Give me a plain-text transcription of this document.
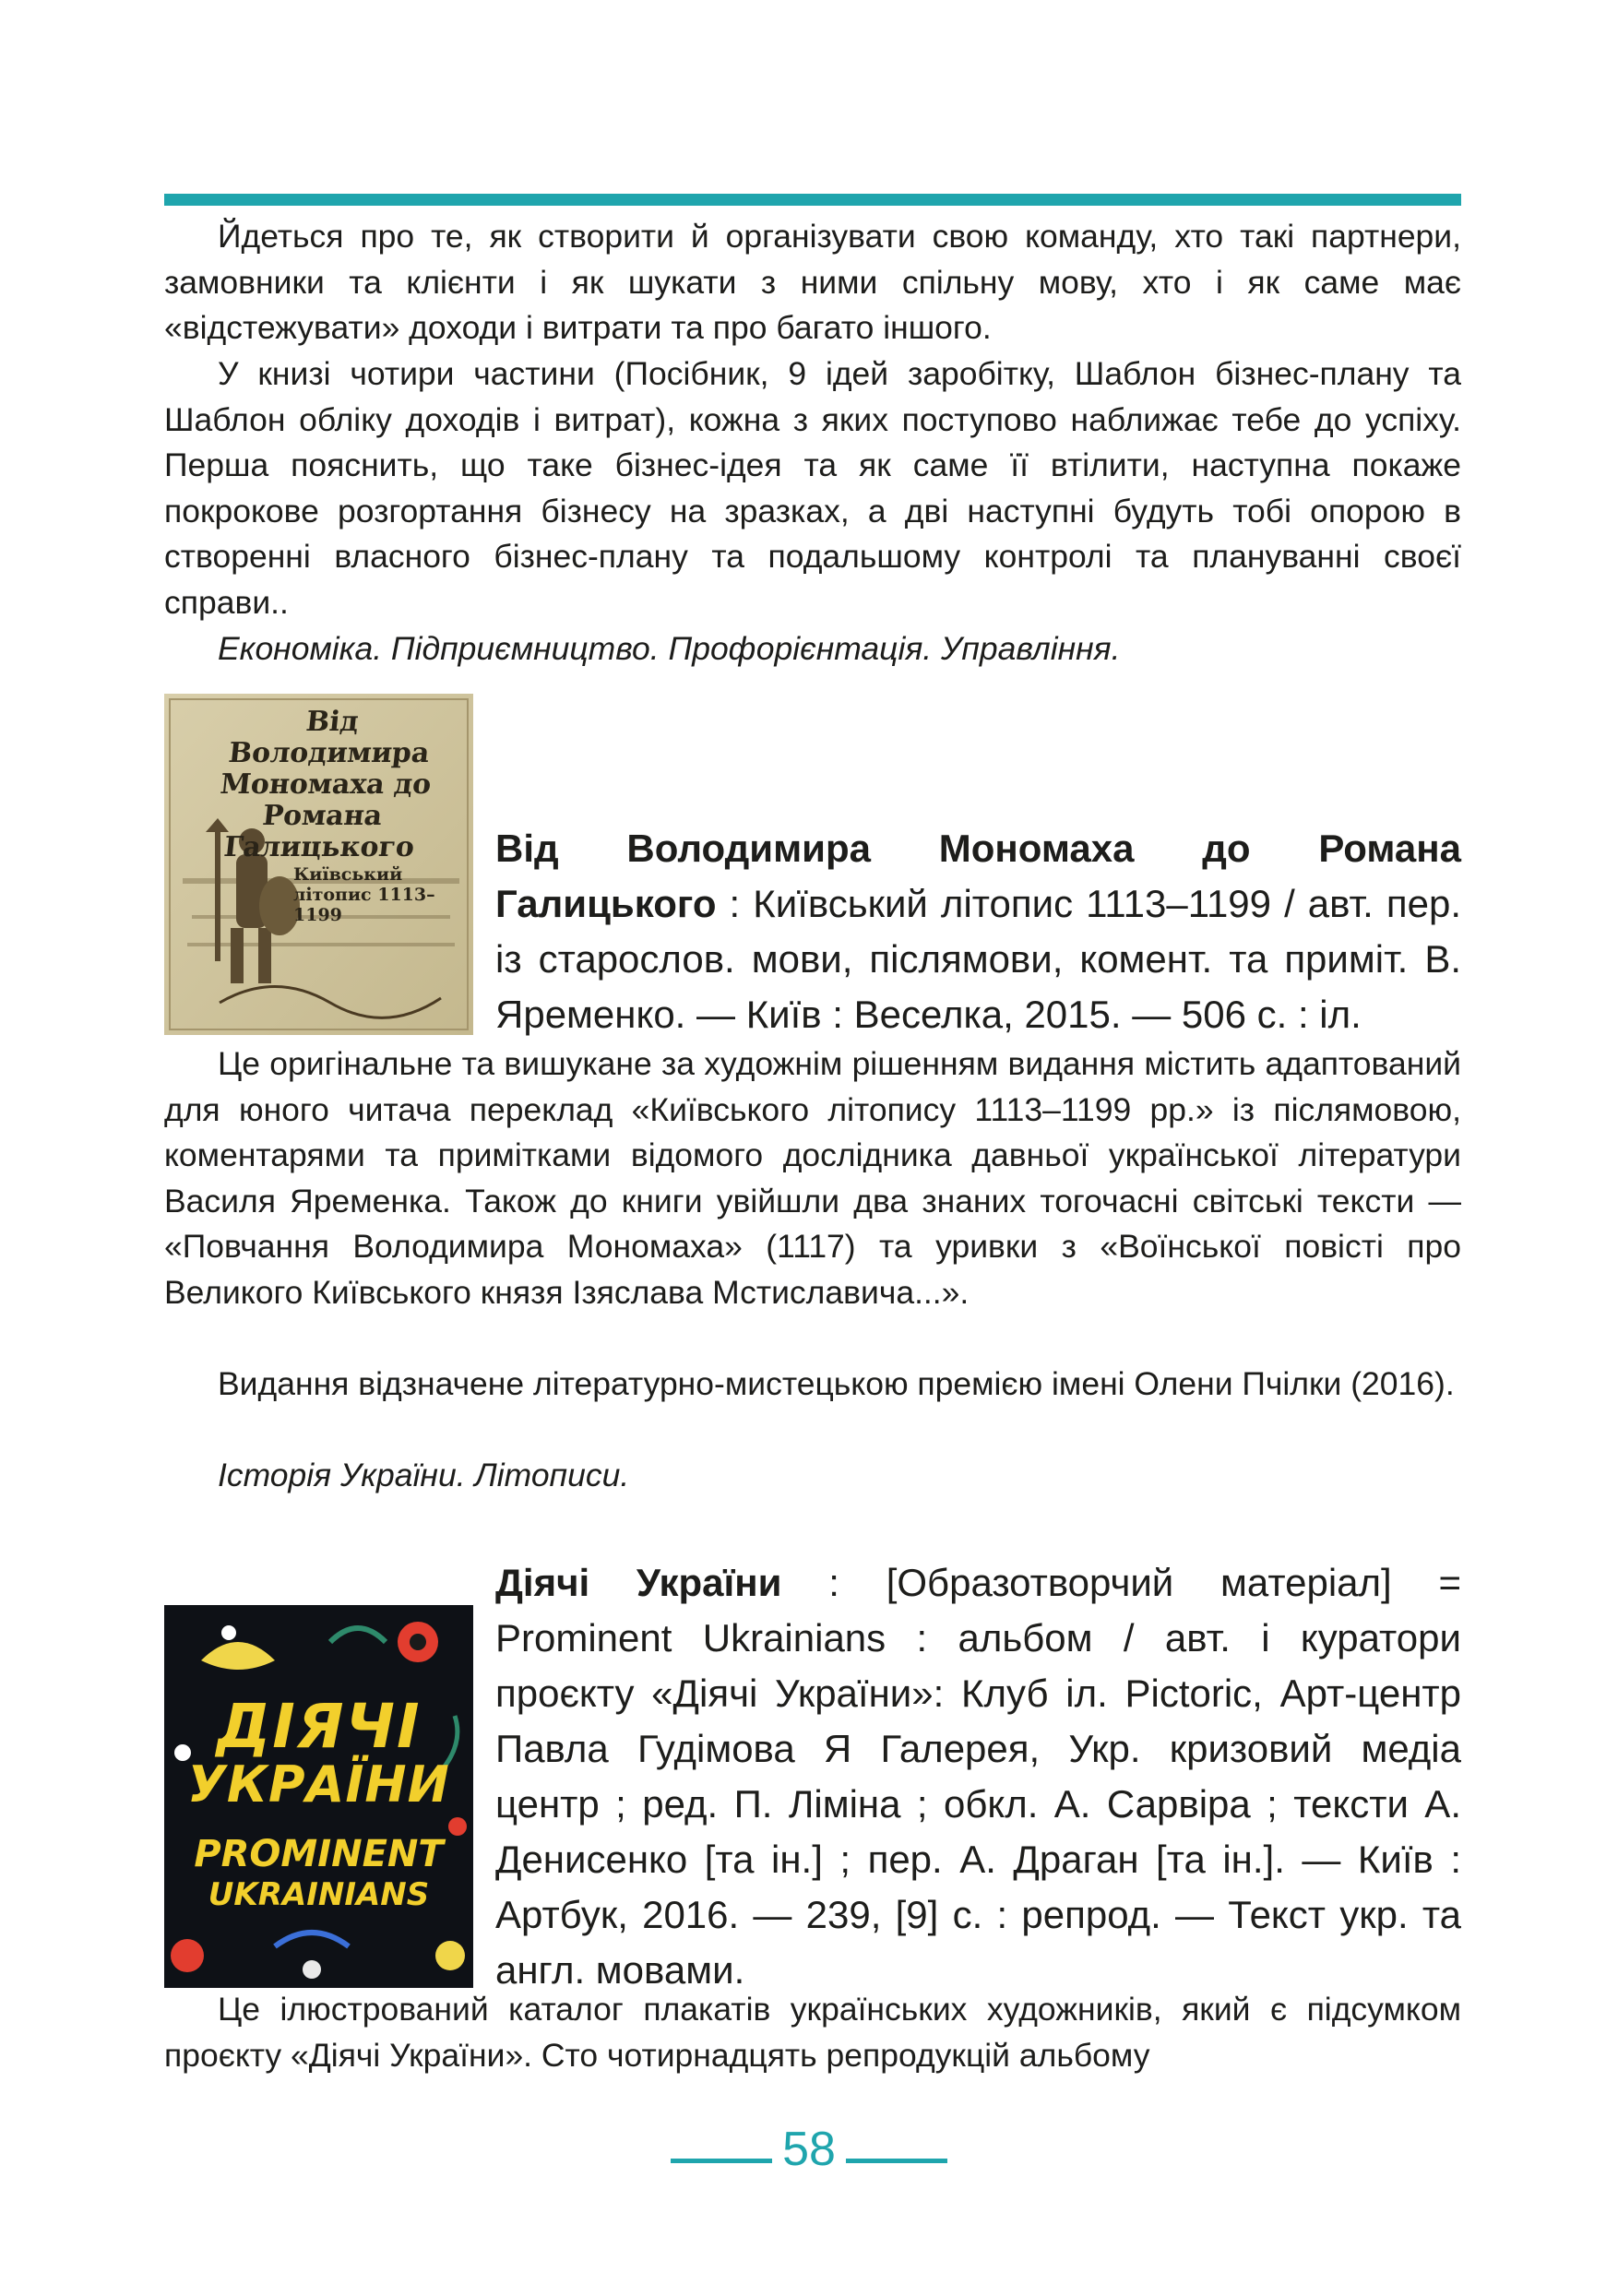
Йдеться про те, як створити й організувати свою команду, хто такі партнери, замовники та клієнти і як шукати з ними спільну мову, хто і як саме має «відстежувати» доходи і витрати та про багато іншого.

У книзі чотири частини (Посібник, 9 ідей заробітку, Шаблон бізнес-плану та Шаблон обліку доходів і витрат), кожна з яких поступово наближає тебе до успіху. Перша пояснить, що таке бізнес-ідея та як саме її втілити, наступна покаже покрокове розгортання бізнесу на зразках, а дві наступні будуть тобі опорою в створенні власного бізнес-плану та подальшому контролі та плануванні своєї справи..

Економіка. Підприємництво. Профорієнтація. Управління.

Від Володимира Мономаха до Романа Галицького
Київський літопис 1113–1199

Від Володимира Мономаха до Романа Галицького : Київський літопис 1113–1199 / авт. пер. із старослов. мови, післямови, комент. та приміт. В. Яременко. — Київ : Веселка, 2015. — 506 с. : іл.

Це оригінальне та вишукане за художнім рішенням видання містить адаптований для юного читача переклад «Київського літопису 1113–1199 рр.» із післямовою, коментарями та примітками відомого дослідника давньої української літератури Василя Яременка. Також до книги увійшли два знаних тогочасні світські тексти — «Повчання Володимира Мономаха» (1117) та уривки з «Воїнської повісті про Великого Київського князя Ізяслава Мстиславича...».

Видання відзначене літературно-мистецькою премією імені Олени Пчілки (2016).

Історія України. Літописи.

ДІЯЧІ
УКРАЇНИ
PROMINENT
UKRAINIANS

Діячі України : [Образотворчий матеріал] = Prominent Ukrainians : альбом / авт. і куратори проєкту «Діячі України»: Клуб іл. Pictoric, Арт-центр Павла Гудімова Я Галерея, Укр. кризовий медіа центр ; ред. П. Ліміна ; обкл. А. Сарвіра ; тексти А. Денисенко [та ін.] ; пер. А. Драган [та ін.]. — Київ : Артбук, 2016. — 239, [9] с. : репрод. — Текст укр. та англ. мовами.

Це ілюстрований каталог плакатів українських художників, який є підсумком проєкту «Діячі України». Сто чотирнадцять репродукцій альбому

58
